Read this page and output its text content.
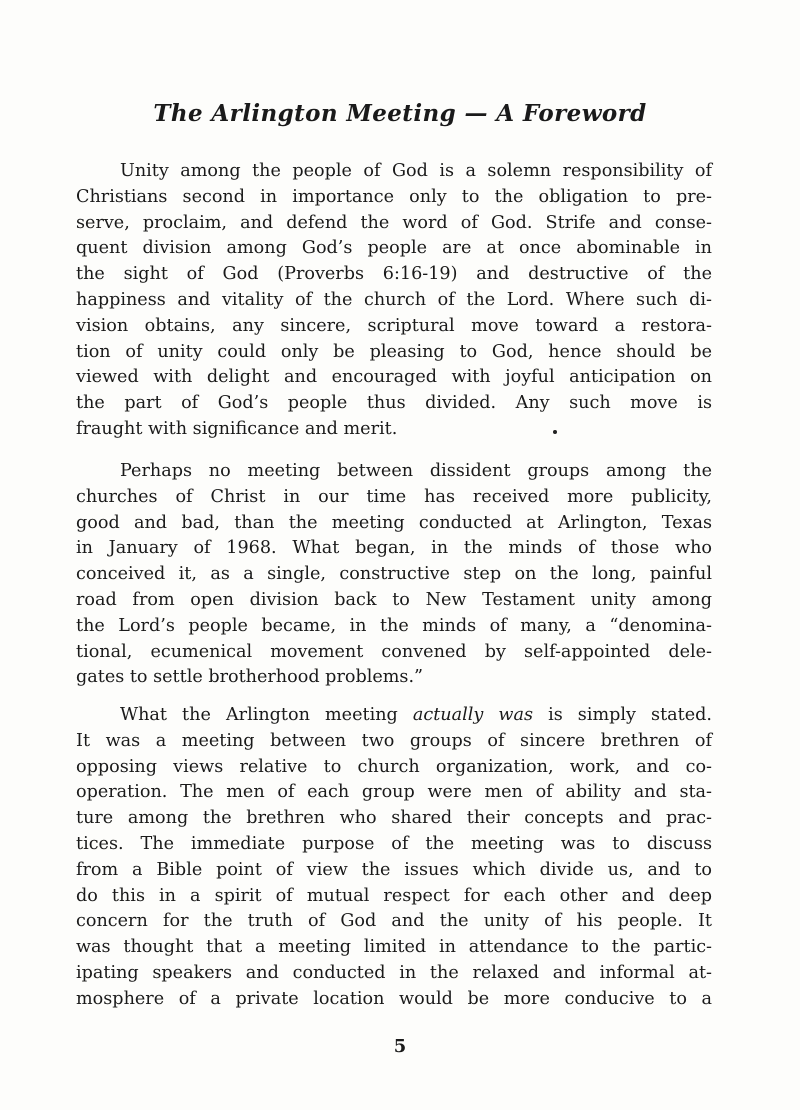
The Arlington Meeting — A Foreword
Unity among the people of God is a solemn responsibility of
Christians second in importance only to the obligation to pre-
serve, proclaim, and defend the word of God. Strife and conse-
quent division among God’s people are at once abominable in
the sight of God (Proverbs 6:16-19) and destructive of the
happiness and vitality of the church of the Lord. Where such di-
vision obtains, any sincere, scriptural move toward a restora-
tion of unity could only be pleasing to God, hence should be
viewed with delight and encouraged with joyful anticipation on
the part of God’s people thus divided. Any such move is
fraught with significance and merit.
Perhaps no meeting between dissident groups among the
churches of Christ in our time has received more publicity,
good and bad, than the meeting conducted at Arlington, Texas
in January of 1968. What began, in the minds of those who
conceived it, as a single, constructive step on the long, painful
road from open division back to New Testament unity among
the Lord’s people became, in the minds of many, a “denomina-
tional, ecumenical movement convened by self-appointed dele-
gates to settle brotherhood problems.”
What the Arlington meeting actually was is simply stated.
It was a meeting between two groups of sincere brethren of
opposing views relative to church organization, work, and co-
operation. The men of each group were men of ability and sta-
ture among the brethren who shared their concepts and prac-
tices. The immediate purpose of the meeting was to discuss
from a Bible point of view the issues which divide us, and to
do this in a spirit of mutual respect for each other and deep
concern for the truth of God and the unity of his people. It
was thought that a meeting limited in attendance to the partic-
ipating speakers and conducted in the relaxed and informal at-
mosphere of a private location would be more conducive to a
5
